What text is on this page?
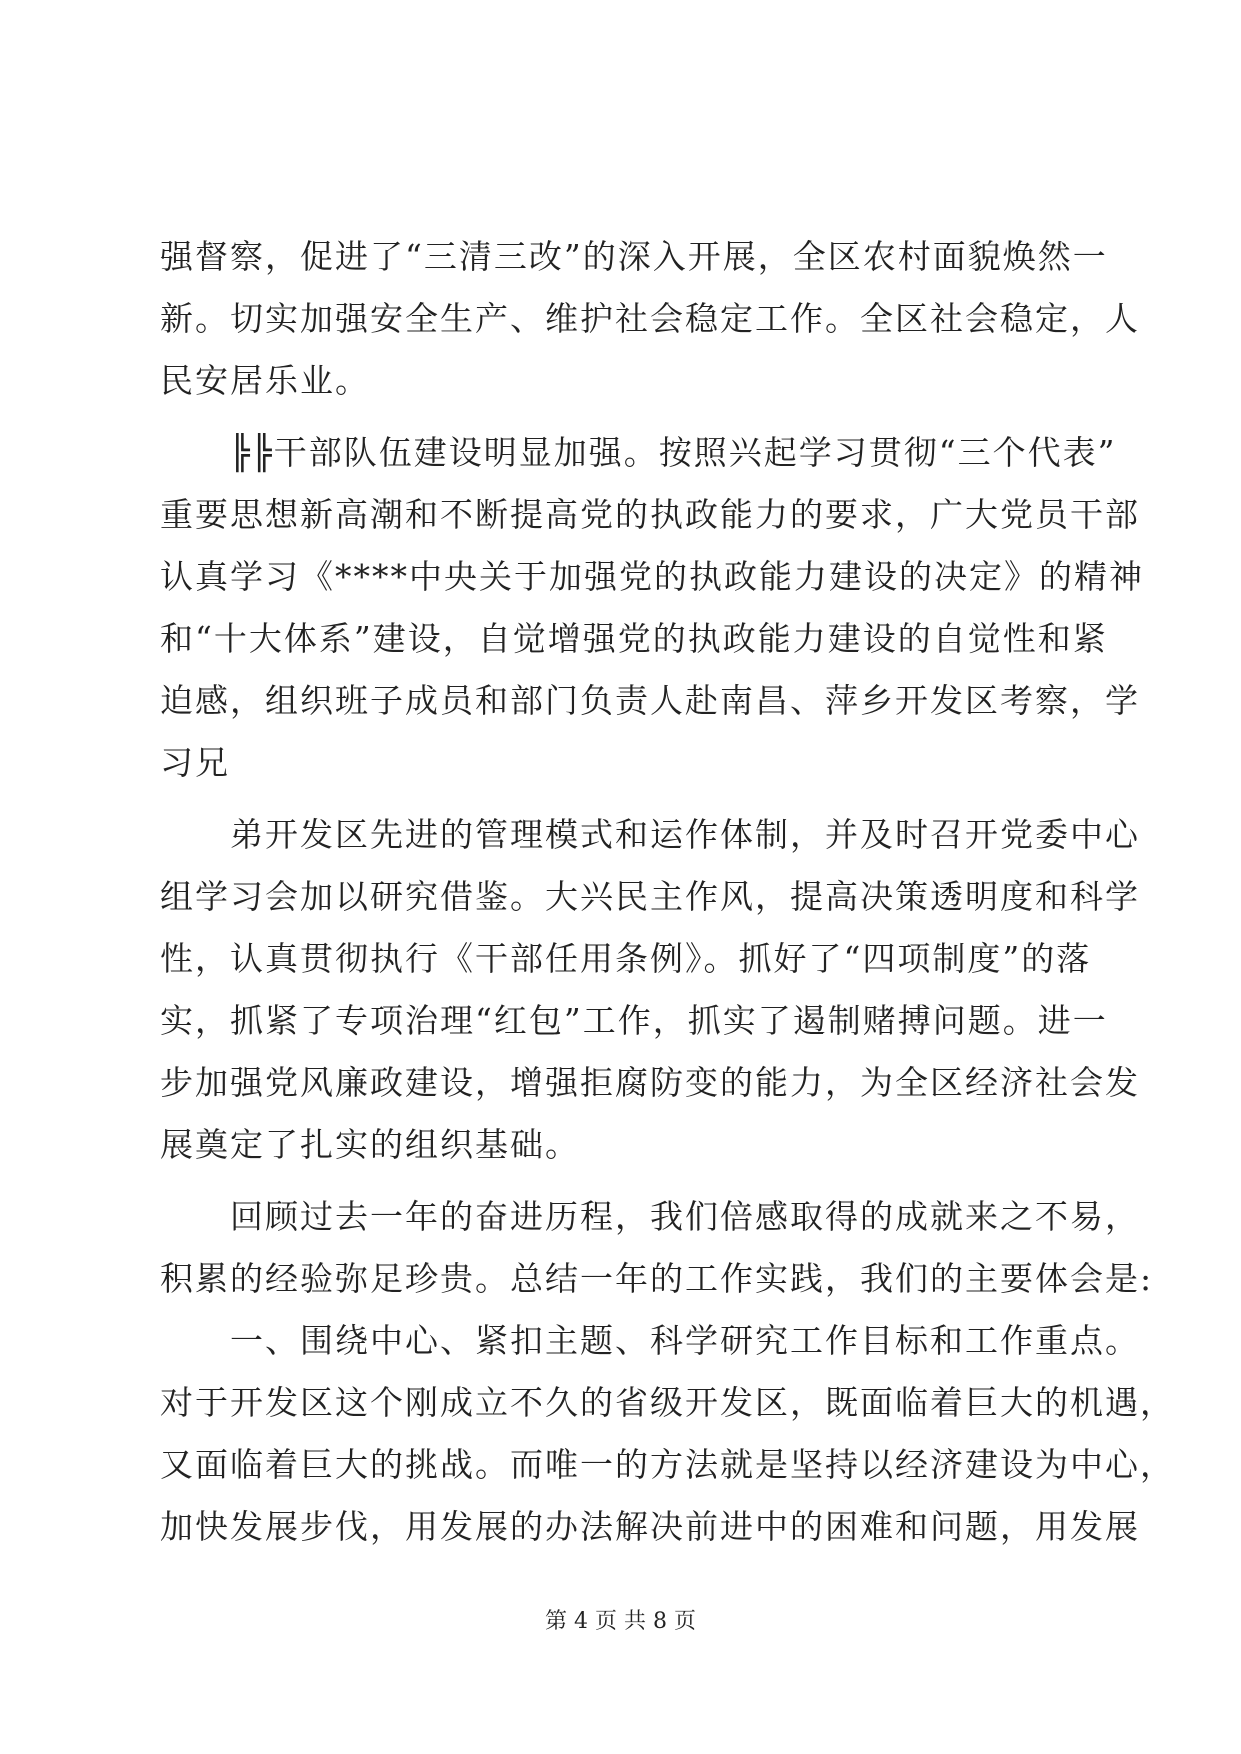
强督察，促进了“三清三改”的深入开展，全区农村面貌焕然一
新。切实加强安全生产、维护社会稳定工作。全区社会稳定，人
民安居乐业。
╠╠干部队伍建设明显加强。按照兴起学习贯彻“三个代表”
重要思想新高潮和不断提高党的执政能力的要求，广大党员干部
认真学习《****中央关于加强党的执政能力建设的决定》的精神
和“十大体系”建设，自觉增强党的执政能力建设的自觉性和紧
迫感，组织班子成员和部门负责人赴南昌、萍乡开发区考察，学
习兄
弟开发区先进的管理模式和运作体制，并及时召开党委中心
组学习会加以研究借鉴。大兴民主作风，提高决策透明度和科学
性，认真贯彻执行《干部任用条例》。抓好了“四项制度”的落
实，抓紧了专项治理“红包”工作，抓实了遏制赌搏问题。进一
步加强党风廉政建设，增强拒腐防变的能力，为全区经济社会发
展奠定了扎实的组织基础。
回顾过去一年的奋进历程，我们倍感取得的成就来之不易，
积累的经验弥足珍贵。总结一年的工作实践，我们的主要体会是:
一、围绕中心、紧扣主题、科学研究工作目标和工作重点。
对于开发区这个刚成立不久的省级开发区，既面临着巨大的机遇，
又面临着巨大的挑战。而唯一的方法就是坚持以经济建设为中心，
加快发展步伐，用发展的办法解决前进中的困难和问题，用发展
第 4 页 共 8 页
